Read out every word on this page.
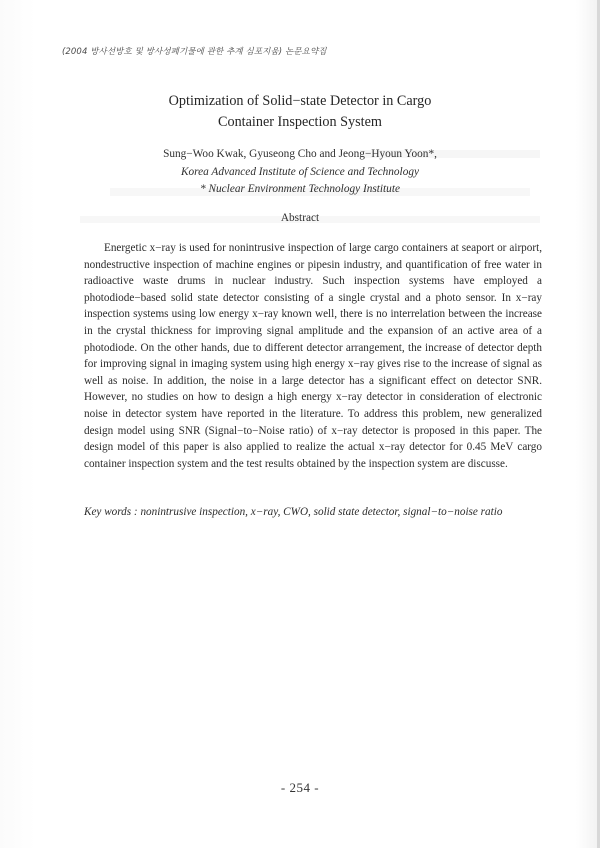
(2004 방사선방호 및 방사성폐기물에 관한 추계 심포지움) 논문요약집
Optimization of Solid−state Detector in Cargo
Container Inspection System
Sung−Woo Kwak, Gyuseong Cho and Jeong−Hyoun Yoon*,
Korea Advanced Institute of Science and Technology
* Nuclear Environment Technology Institute
Abstract

Energetic x−ray is used for nonintrusive inspection of large cargo containers at seaport or airport, nondestructive inspection of machine engines or pipesin industry, and quantification of free water in radioactive waste drums in nuclear industry. Such inspection systems have employed a photodiode−based solid state detector consisting of a single crystal and a photo sensor. In x−ray inspection systems using low energy x−ray known well, there is no interrelation between the increase in the crystal thickness for improving signal amplitude and the expansion of an active area of a photodiode. On the other hands, due to different detector arrangement, the increase of detector depth for improving signal in imaging system using high energy x−ray gives rise to the increase of signal as well as noise. In addition, the noise in a large detector has a significant effect on detector SNR. However, no studies on how to design a high energy x−ray detector in consideration of electronic noise in detector system have reported in the literature. To address this problem, new generalized design model using SNR (Signal−to−Noise ratio) of x−ray detector is proposed in this paper. The design model of this paper is also applied to realize the actual x−ray detector for 0.45 MeV cargo container inspection system and the test results obtained by the inspection system are discusse.

Key words : nonintrusive inspection, x−ray, CWO, solid state detector, signal−to−noise ratio
- 254 -
